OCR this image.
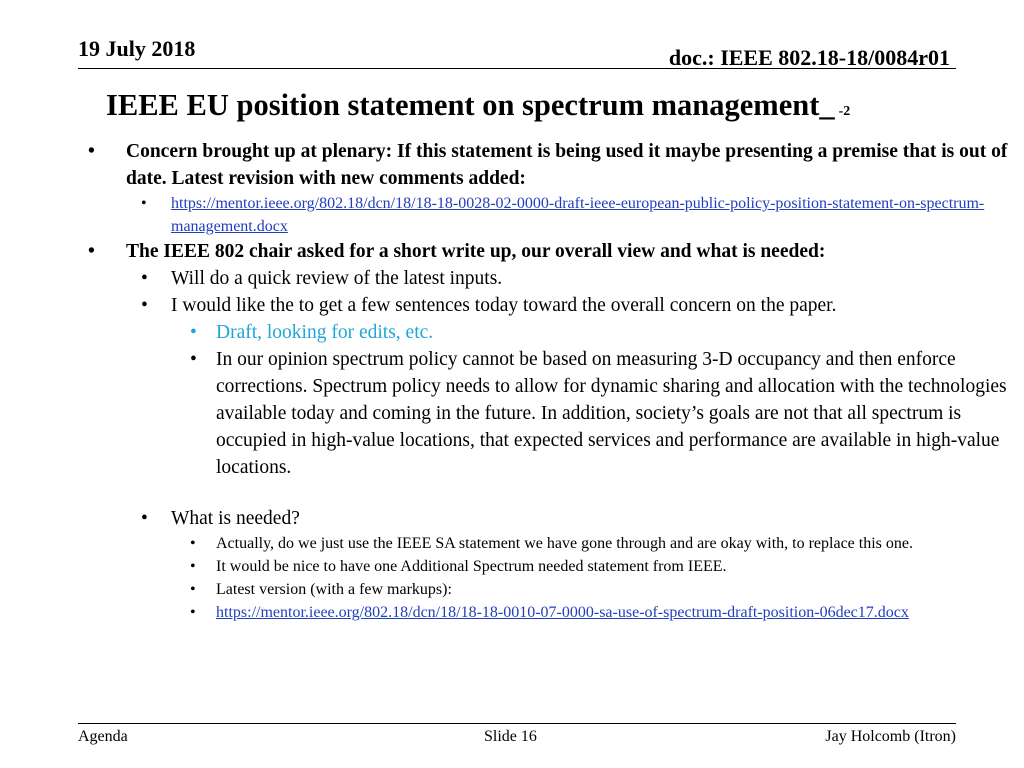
19 July 2018	doc.: IEEE 802.18-18/0084r01
IEEE EU position statement on spectrum management_ -2
• Concern brought up at plenary: If this statement is being used it maybe presenting a premise that is out of date. Latest revision with new comments added:
• https://mentor.ieee.org/802.18/dcn/18/18-18-0028-02-0000-draft-ieee-european-public-policy-position-statement-on-spectrum-management.docx
• The IEEE 802 chair asked for a short write up, our overall view and what is needed:
• Will do a quick review of the latest inputs.
• I would like the to get a few sentences today toward the overall concern on the paper.
• Draft, looking for edits, etc.
• In our opinion spectrum policy cannot be based on measuring 3-D occupancy and then enforce corrections. Spectrum policy needs to allow for dynamic sharing and allocation with the technologies available today and coming in the future. In addition, society’s goals are not that all spectrum is occupied in high-value locations, that expected services and performance are available in high-value locations.
• What is needed?
• Actually, do we just use the IEEE SA statement we have gone through and are okay with, to replace this one.
• It would be nice to have one Additional Spectrum needed statement from IEEE.
• Latest version (with a few markups):
• https://mentor.ieee.org/802.18/dcn/18/18-18-0010-07-0000-sa-use-of-spectrum-draft-position-06dec17.docx
Agenda	Slide 16	Jay Holcomb (Itron)
